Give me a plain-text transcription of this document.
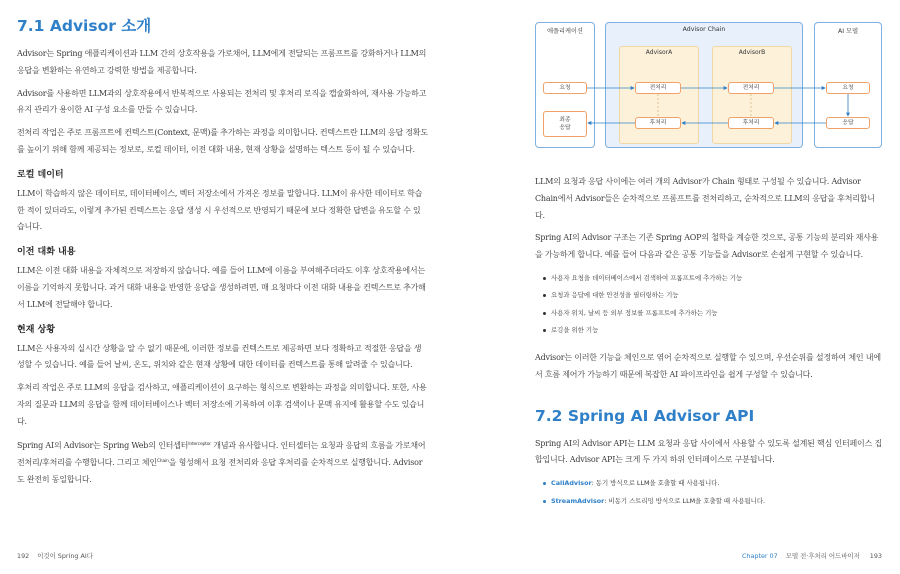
7.1 Advisor 소개

Advisor는 Spring 애플리케이션과 LLM 간의 상호작용을 가로채어, LLM에게 전달되는 프롬프트를 강화하거나 LLM의 응답을 변환하는 유연하고 강력한 방법을 제공합니다.

Advisor를 사용하면 LLM과의 상호작용에서 반복적으로 사용되는 전처리 및 후처리 로직을 캡슐화하여, 재사용 가능하고 유지 관리가 용이한 AI 구성 요소를 만들 수 있습니다.

전처리 작업은 주로 프롬프트에 컨텍스트(Context, 문맥)를 추가하는 과정을 의미합니다. 컨텍스트란 LLM의 응답 정확도를 높이기 위해 함께 제공되는 정보로, 로컬 데이터, 이전 대화 내용, 현재 상황을 설명하는 텍스트 등이 될 수 있습니다.

로컬 데이터

LLM이 학습하지 않은 데이터로, 데이터베이스, 벡터 저장소에서 가져온 정보를 말합니다. LLM이 유사한 데이터로 학습한 적이 있더라도, 이렇게 추가된 컨텍스트는 응답 생성 시 우선적으로 반영되기 때문에 보다 정확한 답변을 유도할 수 있습니다.

이전 대화 내용

LLM은 이전 대화 내용을 자체적으로 저장하지 않습니다. 예를 들어 LLM에 이름을 부여해주더라도 이후 상호작용에서는 이름을 기억하지 못합니다. 과거 대화 내용을 반영한 응답을 생성하려면, 매 요청마다 이전 대화 내용을 컨텍스트로 추가해서 LLM에 전달해야 합니다.

현재 상황

LLM은 사용자의 실시간 상황을 알 수 없기 때문에, 이러한 정보를 컨텍스트로 제공하면 보다 정확하고 적절한 응답을 생성할 수 있습니다. 예를 들어 날씨, 온도, 위치와 같은 현재 상황에 대한 데이터를 컨텍스트를 통해 알려줄 수 있습니다.

후처리 작업은 주로 LLM의 응답을 검사하고, 애플리케이션이 요구하는 형식으로 변환하는 과정을 의미합니다. 또한, 사용자의 질문과 LLM의 응답을 함께 데이터베이스나 벡터 저장소에 기록하여 이후 검색이나 문맥 유지에 활용할 수도 있습니다.

Spring AI의 Advisor는 Spring Web의 인터셉터$^{Interceptor}$ 개념과 유사합니다. 인터셉터는 요청과 응답의 흐름을 가로채어 전처리/후처리를 수행합니다. 그리고 체인$^{Chain}$을 형성해서 요청 전처리와 응답 후처리를 순차적으로 실행합니다. Advisor도 완전히 동일합니다.

192 이것이 Spring AI다
애플리케이션	Advisor Chain	AI 모델
AdvisorA	AdvisorB
요청	전처리	전처리	요청
응답
후처리
후처리
최종
응답

LLM의 요청과 응답 사이에는 여러 개의 Advisor가 Chain 형태로 구성될 수 있습니다. Advisor Chain에서 Advisor들은 순차적으로 프롬프트를 전처리하고, 순차적으로 LLM의 응답을 후처리합니다.

Spring AI의 Advisor 구조는 기존 Spring AOP의 철학을 계승한 것으로, 공통 기능의 분리와 재사용을 가능하게 합니다. 예를 들어 다음과 같은 공통 기능들을 Advisor로 손쉽게 구현할 수 있습니다.

사용자 요청을 데이터베이스에서 검색하여 프롬프트에 추가하는 기능
요청과 응답에 대한 안전성을 필터링하는 기능
사용자 위치, 날씨 등 외부 정보를 프롬프트에 추가하는 기능
로깅을 위한 기능

Advisor는 이러한 기능을 체인으로 엮어 순차적으로 실행할 수 있으며, 우선순위를 설정하여 체인 내에서 흐름 제어가 가능하기 때문에 복잡한 AI 파이프라인을 쉽게 구성할 수 있습니다.

7.2 Spring AI Advisor API

Spring AI의 Advisor API는 LLM 요청과 응답 사이에서 사용할 수 있도록 설계된 핵심 인터페이스 집합입니다. Advisor API는 크게 두 가지 하위 인터페이스로 구분됩니다.

CallAdvisor: 동기 방식으로 LLM을 호출할 때 사용됩니다.
StreamAdvisor: 비동기 스트리밍 방식으로 LLM을 호출할 때 사용됩니다.
Chapter 07 모델 전·후처리 어드바이저 193
